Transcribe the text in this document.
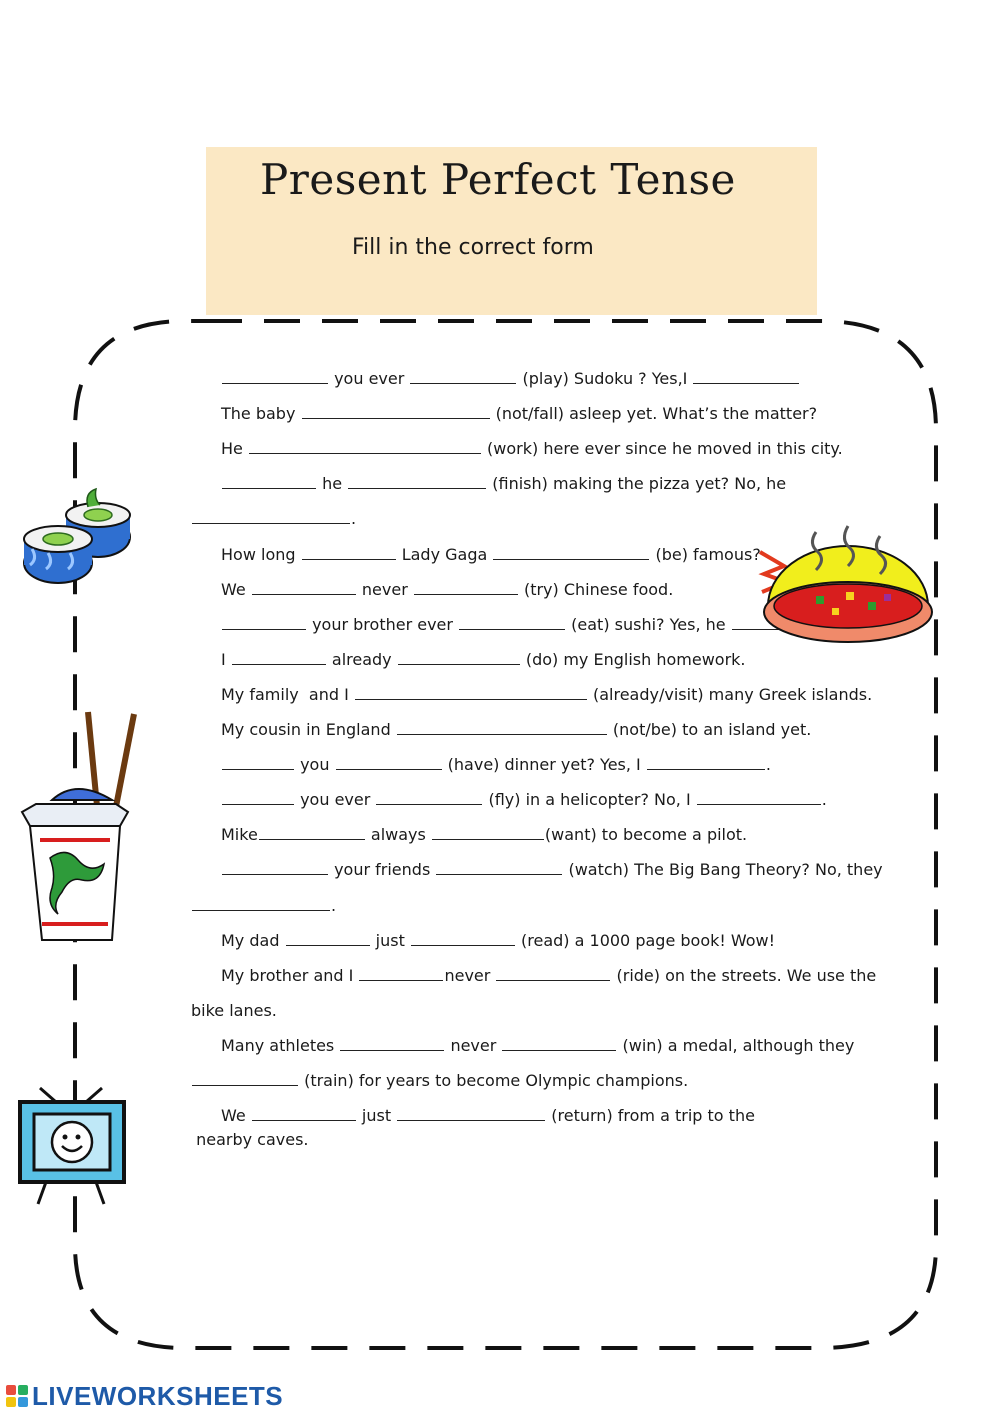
Present Perfect Tense
Fill in the correct form
you ever	(play) Sudoku ? Yes,I
The baby	(not/fall) asleep yet. What’s the matter?
He	(work) here ever since he moved in this city.
he	(finish) making the pizza yet? No, he
.
How long	Lady Gaga	(be) famous?
We	never	(try) Chinese food.
your brother ever	(eat) sushi? Yes, he
I	already	(do) my English homework.
My family  and I	(already/visit) many Greek islands.
My cousin in England	(not/be) to an island yet.
you	(have) dinner yet? Yes, I	.
you ever	(fly) in a helicopter? No, I	.
Mike	always	(want) to become a pilot.
your friends	(watch) The Big Bang Theory? No, they
.
My dad	just	(read) a 1000 page book! Wow!
My brother and I	never	(ride) on the streets. We use the
bike lanes.
Many athletes	never	(win) a medal, although they
(train) for years to become Olympic champions.
We	just	(return) from a trip to the
nearby caves.
LIVEWORKSHEETS
